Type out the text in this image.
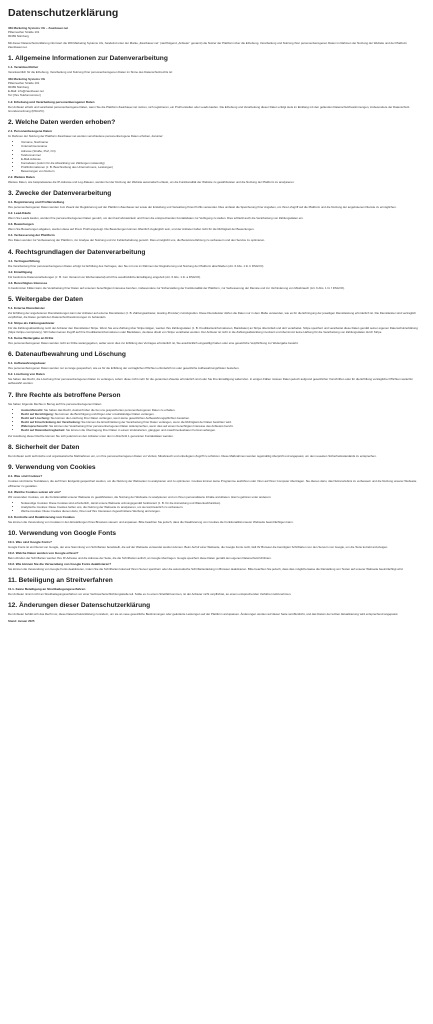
Datenschutzerklärung
369 Marketing Systems UG – Zaunbauer.net
Pillenreuther Straße 101
90469 Nürnberg

Mit dieser Datenschutzerklärung informiert die 369 Marketing Systems UG, handelnd unter der Marke „Zaunbauer.net“ (nachfolgend „Anbieter“ genannt) die Nutzer der Plattform über die Erhebung, Verarbeitung und Nutzung ihrer personenbezogenen Daten im Rahmen der Nutzung der Website und der Plattform Zaunbauer.net.

1. Allgemeine Informationen zur Datenverarbeitung
1.1. Verantwortlicher

Verantwortlich für die Erhebung, Verarbeitung und Nutzung Ihrer personenbezogenen Daten im Sinne des Datenschutzrechts ist:

369 Marketing Systems UG
Pillenreuther Straße 101
90469 Nürnberg
E-Mail: info@zaunbauer.net
Tel: [Ihre Telefonnummer]
1.2. Erhebung und Verarbeitung personenbezogener Daten

Der Anbieter erhebt und verarbeitet personenbezogene Daten, wenn Sie die Plattform Zaunbauer.net nutzen, sich registrieren, ein Profil erstellen oder Leads kaufen. Die Erhebung und Verarbeitung dieser Daten erfolgt stets im Einklang mit den geltenden Datenschutzbestimmungen, insbesondere der Datenschutz-Grundverordnung (DSGVO).

2. Welche Daten werden erhoben?
2.1. Personenbezogene Daten

Im Rahmen der Nutzung der Plattform Zaunbauer.net werden verschiedene personenbezogene Daten erhoben, darunter:

• Vorname, Nachname
• Unternehmensname
• Adresse (Straße, PLZ, Ort)
• Telefonnummer
• E-Mail-Adresse
• Kontodaten (sofern für die Abwicklung von Zahlungen notwendig)
• Profilinformationen (z. B. Beschreibung des Unternehmens, Leistungen)
• Bewertungen von Nutzern
2.2. Weitere Daten

Weitere Daten, wie beispielsweise die IP-Adresse und Log-Dateien, werden bei der Nutzung der Website automatisch erfasst, um die Funktionalität der Website zu gewährleisten und die Nutzung der Plattform zu analysieren.

3. Zwecke der Datenverarbeitung
3.1. Registrierung und Profilerstellung

Ihre personenbezogenen Daten werden zum Zweck der Registrierung auf der Plattform Zaunbauer.net sowie der Erstellung und Verwaltung Ihres Profils verwendet. Dies umfasst die Speicherung Ihrer Angaben, um Ihnen Zugriff auf die Plattform und die Nutzung der angebotenen Dienste zu ermöglichen.

3.2. Lead-Käufe

Wenn Sie Leads kaufen, werden Ihre personenbezogenen Daten genutzt, um den Kauf abzuwickeln und Ihnen die entsprechenden Kontaktdaten zur Verfügung zu stellen. Dies schließt auch die Verarbeitung von Zahlungsdaten ein.

3.3. Bewertungen

Wenn Sie Bewertungen abgeben, werden diese auf Ihrem Profil angezeigt. Die Bewertungen können öffentlich zugänglich sein, und der Anbieter haftet nicht für die Richtigkeit der Bewertungen.

3.4. Verbesserung der Plattform

Ihre Daten werden zur Verbesserung der Plattform, zur Analyse der Nutzung und zur Fehlerbehebung genutzt. Dies ermöglicht uns, die Benutzererfahrung zu verbessern und den Service zu optimieren.

4. Rechtsgrundlagen der Datenverarbeitung
4.1. Vertragserfüllung

Die Verarbeitung Ihrer personenbezogenen Daten erfolgt zur Erfüllung des Vertrages, den Sie mit uns im Rahmen der Registrierung und Nutzung der Plattform abschließen (Art. 6 Abs. 1 lit. b DSGVO).

4.2. Einwilligung

Für bestimmte Datenverarbeitungen (z. B. zum Versand von Werbematerial) wird Ihre ausdrückliche Einwilligung eingeholt (Art. 6 Abs. 1 lit. a DSGVO).

4.3. Berechtigtes Interesse

In bestimmten Fällen kann die Verarbeitung Ihrer Daten auf unserem berechtigten Interesse beruhen, insbesondere zur Sicherstellung der Funktionalität der Plattform, zur Verbesserung der Dienste und zur Verhinderung von Missbrauch (Art. 6 Abs. 1 lit. f DSGVO).

5. Weitergabe der Daten
5.1. Externe Dienstleister

Zur Erfüllung der angebotenen Dienstleistungen kann der Anbieter auf externe Dienstleister (z. B. Zahlungsanbieter, Hosting-Provider) zurückgreifen. Diese Dienstleister dürfen die Daten nur in dem Maße verwenden, wie es für die Erbringung der jeweiligen Dienstleistung erforderlich ist. Die Dienstleister sind vertraglich verpflichtet, die Daten gemäß den Datenschutzbestimmungen zu behandeln.

5.2. Stripe als Zahlungsanbieter

Für die Zahlungsabwicklung nutzt der Anbieter den Dienstleister Stripe. Wenn Sie eine Zahlung über Stripe tätigen, werden Ihre Zahlungsdaten (z. B. Kreditkarteninformationen, Bankdaten) an Stripe übermittelt und dort verarbeitet. Stripe speichert und verarbeitet diese Daten gemäß seiner eigenen Datenschutzerklärung (https://stripe.com/privacy). Wir haben keinen Zugriff auf Ihre Kreditkarteninformationen oder Bankdaten, da diese direkt von Stripe verarbeitet werden. Der Anbieter ist nicht in die Zahlungsabwicklung involviert und übernimmt keine Haftung für die Verarbeitung von Zahlungsdaten durch Stripe.

5.3. Keine Weitergabe an Dritte

Ihre personenbezogenen Daten werden nicht an Dritte weitergegeben, außer wenn dies zur Erfüllung des Vertrages erforderlich ist, Sie ausdrücklich eingewilligt haben oder eine gesetzliche Verpflichtung zur Weitergabe besteht.

6. Datenaufbewahrung und Löschung
6.1. Aufbewahrungsdauer

Ihre personenbezogenen Daten werden nur so lange gespeichert, wie es für die Erfüllung der vertraglichen Pflichten erforderlich ist oder gesetzliche Aufbewahrungsfristen bestehen.

6.2. Löschung von Daten

Sie haben das Recht, die Löschung Ihrer personenbezogenen Daten zu verlangen, sofern diese nicht mehr für die genannten Zwecke erforderlich sind oder Sie Ihre Einwilligung widerrufen. In einigen Fällen müssen Daten jedoch aufgrund gesetzlicher Vorschriften oder für die Erfüllung vertraglicher Pflichten weiterhin aufbewahrt werden.

7. Ihre Rechte als betroffene Person

Sie haben folgende Rechte in Bezug auf Ihre personenbezogenen Daten:

• Auskunftsrecht: Sie haben das Recht, Auskunft über die bei uns gespeicherten personenbezogenen Daten zu erhalten.
• Recht auf Berichtigung: Sie können die Berichtigung unrichtiger oder unvollständiger Daten verlangen.
• Recht auf Löschung: Sie können die Löschung Ihrer Daten verlangen, wenn keine gesetzlichen Aufbewahrungspflichten bestehen.
• Recht auf Einschränkung der Verarbeitung: Sie können die Einschränkung der Verarbeitung Ihrer Daten verlangen, wenn die Richtigkeit der Daten bestritten wird.
• Widerspruchsrecht: Sie können der Verarbeitung Ihrer personenbezogenen Daten widersprechen, wenn dies auf einem berechtigten Interesse des Anbieters beruht.
• Recht auf Datenübertragbarkeit: Sie können die Übertragung Ihrer Daten in einem strukturierten, gängigen und maschinenlesbaren Format verlangen.

Zur Ausübung dieser Rechte können Sie sich jederzeit an den Anbieter unter den in Abschnitt 1 genannten Kontaktdaten wenden.

8. Sicherheit der Daten

Der Anbieter setzt technische und organisatorische Maßnahmen ein, um Ihre personenbezogenen Daten vor Verlust, Missbrauch und unbefugtem Zugriff zu schützen. Diese Maßnahmen werden regelmäßig überprüft und angepasst, um den neuesten Sicherheitsstandards zu entsprechen.

9. Verwendung von Cookies
9.1. Was sind Cookies?

Cookies sind kleine Textdateien, die auf Ihrem Endgerät gespeichert werden, um die Nutzung der Webseiten zu analysieren und zu optimieren. Cookies können keine Programme ausführen oder Viren auf Ihren Computer übertragen. Sie dienen dazu, das Nutzererlebnis zu verbessern und die Nutzung unserer Webseite effizienter zu gestalten.

9.2. Welche Cookies setzen wir ein?

Wir verwenden Cookies, um die Funktionalität unserer Webseite zu gewährleisten, die Nutzung der Webseite zu analysieren und um Ihnen personalisierte Inhalte anzubieten. Hierzu gehören unter anderem:

• Notwendige Cookies: Diese Cookies sind erforderlich, damit unsere Webseite ordnungsgemäß funktioniert (z. B. für die Anmeldung und Warenkorbfunktion).
• Analytische Cookies: Diese Cookies helfen uns, die Nutzung der Webseite zu analysieren, um sie kontinuierlich zu verbessern.
• Werbe-Cookies: Diese Cookies dienen dazu, Ihnen auf Ihre Interessen zugeschnittene Werbung anzuzeigen.
9.3. Kontrolle und Deaktivierung von Cookies

Sie können die Verwendung von Cookies in den Einstellungen Ihres Browsers steuern und anpassen. Bitte beachten Sie jedoch, dass die Deaktivierung von Cookies die Funktionalität unserer Webseite beeinträchtigen kann.

10. Verwendung von Google Fonts
10.1. Was sind Google Fonts?

Google Fonts ist ein Dienst von Google, der eine Sammlung von Schriftarten bereitstellt, die auf der Webseite verwendet werden können. Beim Aufruf einer Webseite, die Google Fonts nutzt, lädt Ihr Browser die benötigten Schriftarten von den Servern von Google, um die Texte korrekt anzuzeigen.

10.2. Welche Daten werden von Google erfasst?

Beim Abrufen der Schriftarten werden Ihre IP-Adresse und die Adresse der Seite, die die Schriftarten aufruft, an Google übertragen. Google speichert diese Daten gemäß den eigenen Datenschutzrichtlinien.

10.3. Wie können Sie die Verwendung von Google Fonts deaktivieren?

Sie können die Verwendung von Google Fonts deaktivieren, indem Sie die Schriftarten lokal auf Ihrem Server speichern oder die automatische Schriftartenladung im Browser deaktivieren. Bitte beachten Sie jedoch, dass dies möglicherweise die Darstellung von Texten auf unserer Webseite beeinträchtigt wird.

11. Beteiligung an Streitverfahren
11.1. Keine Beteiligung an Streitbeilegungsverfahren

Der Anbieter nimmt nicht an Streitbeilegungsverfahren vor einer Verbraucherschlichtungsstelle teil. Sollte es zu einem Streitfall kommen, ist der Anbieter nicht verpflichtet, an einem entsprechenden Verfahren teilzunehmen.

12. Änderungen dieser Datenschutzerklärung

Der Anbieter behält sich das Recht vor, diese Datenschutzerklärung zu ändern, um sie an neue gesetzliche Bestimmungen oder geänderte Leistungen auf der Plattform anzupassen. Änderungen werden auf dieser Seite veröffentlicht, und das Datum der letzten Aktualisierung wird entsprechend angepasst.

Stand: Januar 2025
